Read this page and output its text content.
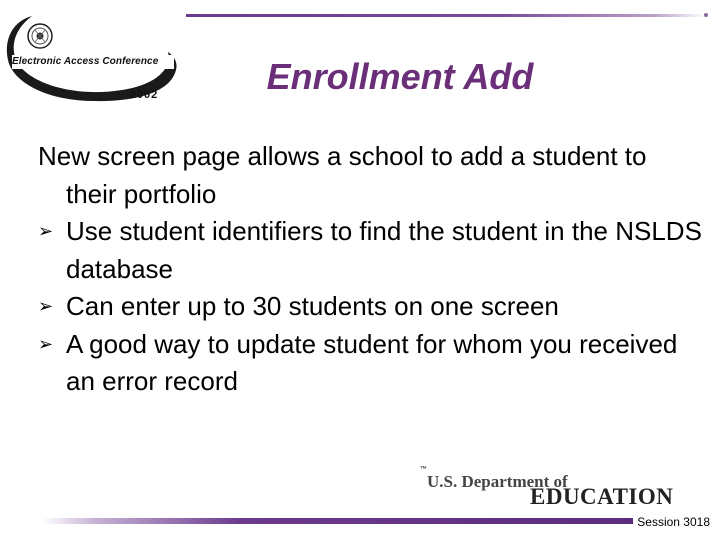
Electronic Access Conference
2002	Enrollment Add

New screen page allows a school to add a student to their portfolio

➢ Use student identifiers to find the student in the NSLDS database

➢ Can enter up to 30 students on one screen

➢ A good way to update student for whom you received an error record

™
U.S. Department of
EDUCATION
Session 3018
